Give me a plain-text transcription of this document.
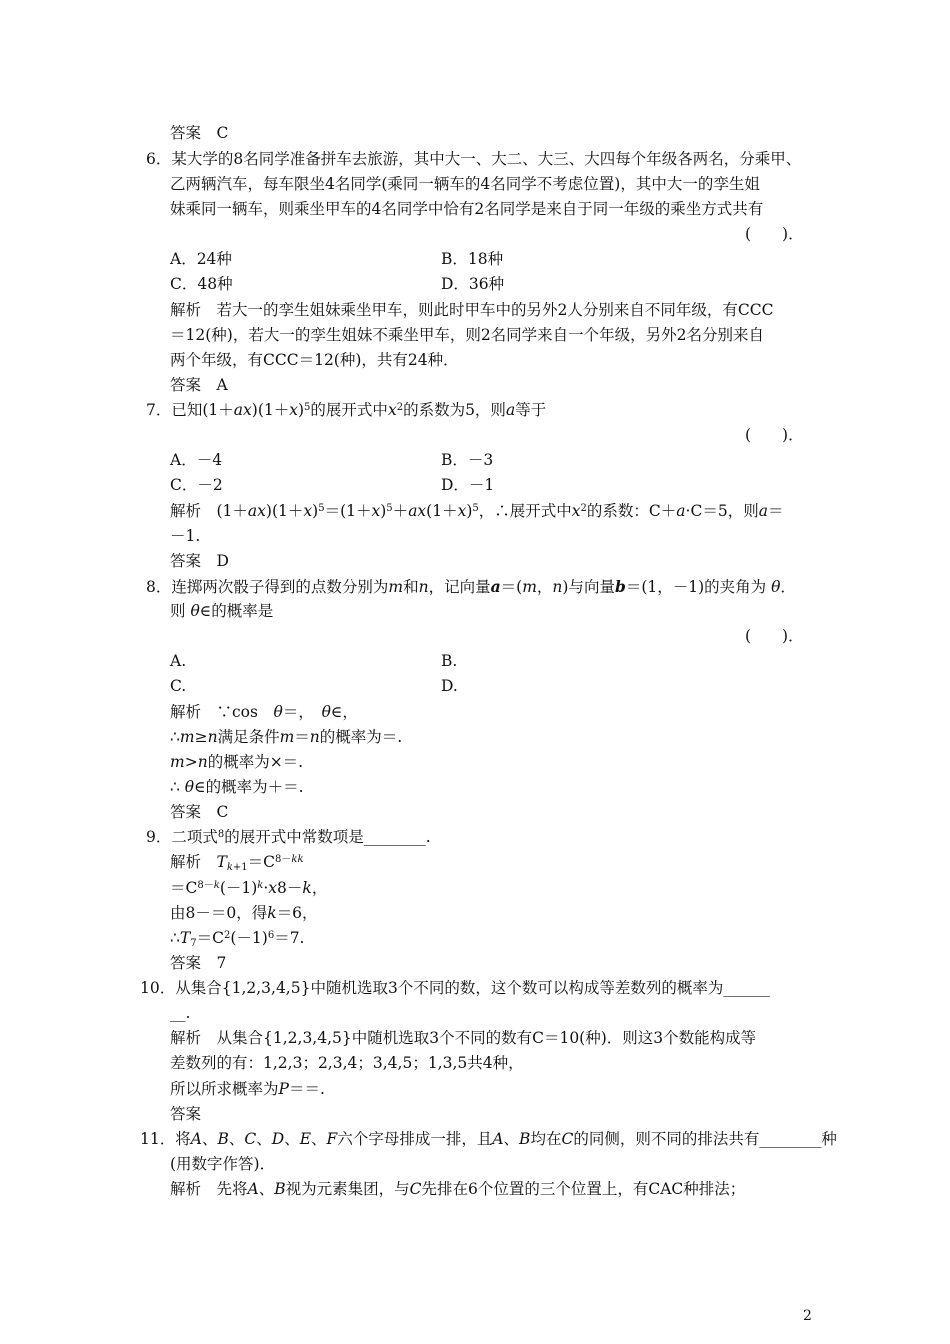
答案　C
6．某大学的8名同学准备拼车去旅游，其中大一、大二、大三、大四每个年级各两名，分乘甲、
乙两辆汽车，每车限坐4名同学(乘同一辆车的4名同学不考虑位置)，其中大一的孪生姐
妹乘同一辆车，则乘坐甲车的4名同学中恰有2名同学是来自于同一年级的乘坐方式共有
(　　)．
A．24种	B．18种
C．48种	D．36种
解析　若大一的孪生姐妹乘坐甲车，则此时甲车中的另外2人分别来自不同年级，有CCC
＝12(种)，若大一的孪生姐妹不乘坐甲车，则2名同学来自一个年级，另外2名分别来自
两个年级，有CCC＝12(种)，共有24种．
答案　A
7．已知$(1+ax)(1+x)^5$的展开式中$x^2$的系数为5，则a等于
(　　)．
A．－4	B．－3
C．－2	D．－1
解析　$(1+ax)(1+x)^5=(1+x)^5+ax(1+x)^5$，∴展开式中$x^2$的系数：C＋a·C＝5，则a＝
－1.
答案　D
8．连掷两次骰子得到的点数分别为m和n，记向量a＝(m，n)与向量b＝(1，－1)的夹角为 θ．
则 θ∈的概率是
(　　)．
A.	B.
C.	D.
解析　∵cos　θ＝，　θ∈，
∴m≥n满足条件m＝n的概率为＝.
m>n的概率为×＝.
∴ θ∈的概率为＋＝.
答案　C
9．二项式$^8$的展开式中常数项是________.
解析　$T_{k+1}=C^{8-kk}$
$=C^{8-k}(-1)^k\cdot x8-k$，
由8－＝0，得k＝6，
$\therefore T_7=C^2(-1)^6=7$.
答案　7
10．从集合{1,2,3,4,5}中随机选取3个不同的数，这个数可以构成等差数列的概率为______
__.
解析　从集合{1,2,3,4,5}中随机选取3个不同的数有C＝10(种)．则这3个数能构成等
差数列的有：1,2,3；2,3,4；3,4,5；1,3,5共4种，
所以所求概率为P＝＝.
答案
11．将A、B、C、D、E、F六个字母排成一排，且A、B均在C的同侧，则不同的排法共有________种
(用数字作答)．
解析　先将A、B视为元素集团，与C先排在6个位置的三个位置上，有CAC种排法；
2
